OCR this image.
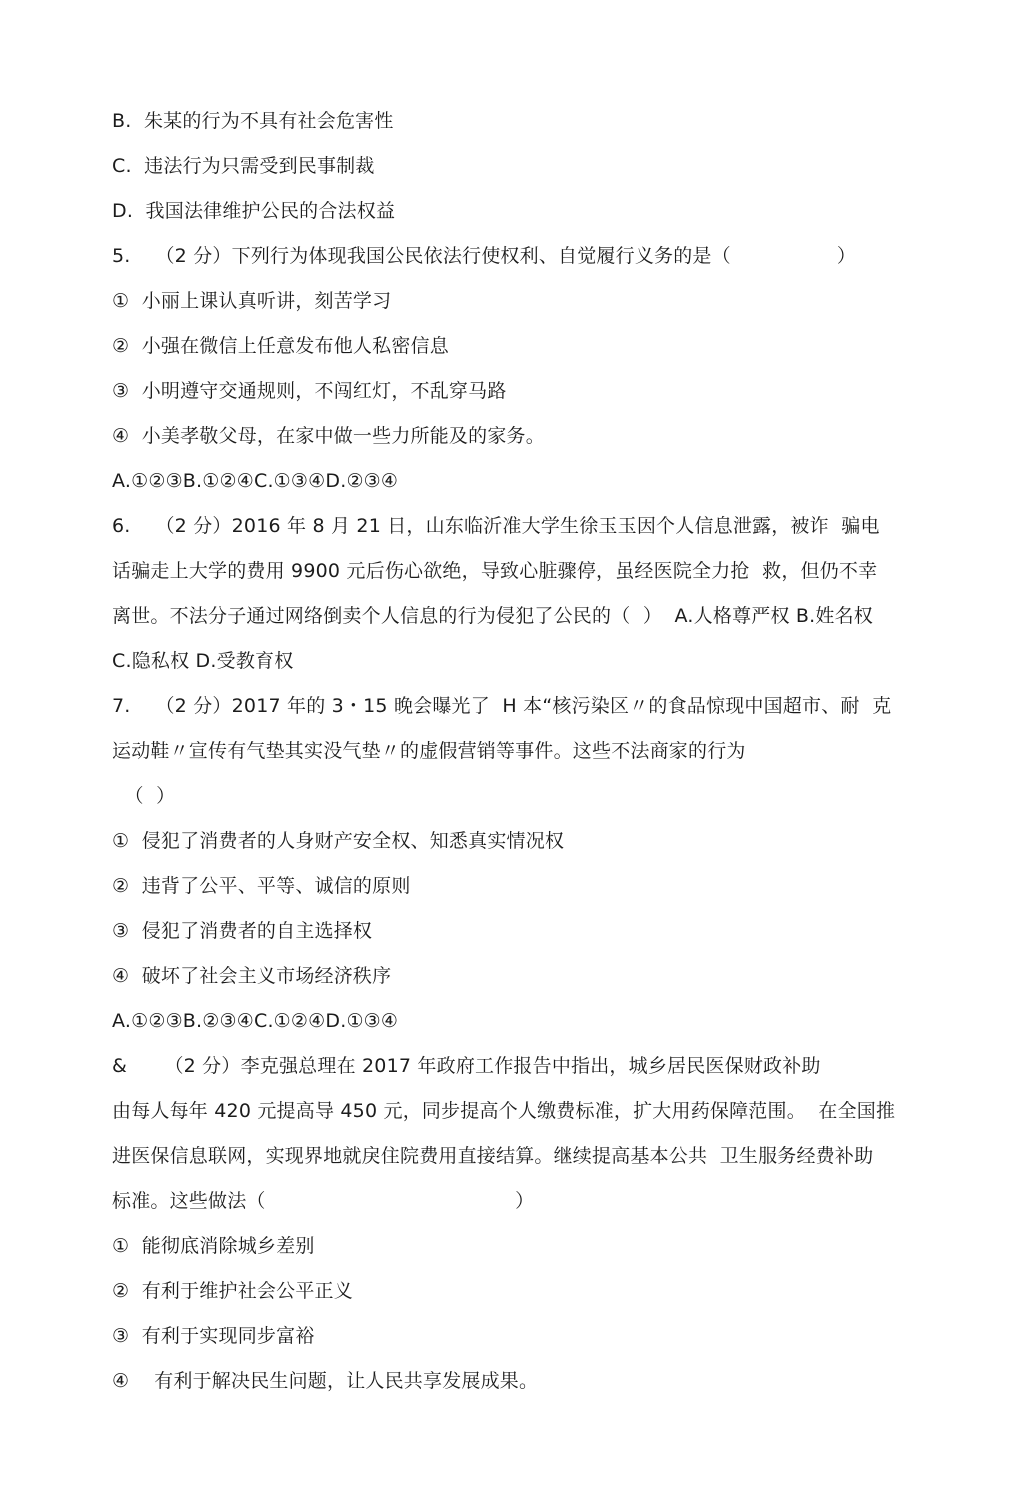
B.  朱某的行为不具有社会危害性
C.  违法行为只需受到民事制裁
D.  我国法律维护公民的合法权益
5.    （2 分）下列行为体现我国公民依法行使权利、自觉履行义务的是（                 ）
①  小丽上课认真听讲，刻苦学习
②  小强在微信上任意发布他人私密信息
③  小明遵守交通规则，不闯红灯，不乱穿马路
④  小美孝敬父母，在家中做一些力所能及的家务。
A.①②③B.①②④C.①③④D.②③④
6.    （2 分）2016 年 8 月 21 日，山东临沂准大学生徐玉玉因个人信息泄露，被诈  骗电
话骗走上大学的费用 9900 元后伤心欲绝，导致心脏骤停，虽经医院全力抢  救，但仍不幸
离世。不法分子通过网络倒卖个人信息的行为侵犯了公民的（  ）  A.人格尊严权 B.姓名权
C.隐私权 D.受教育权
7.    （2 分）2017 年的 3・15 晚会曝光了  H 本“核污染区〃的食品惊现中国超市、耐  克
运动鞋〃宣传有气垫其实没气垫〃的虚假营销等事件。这些不法商家的行为
（  ）
①  侵犯了消费者的人身财产安全权、知悉真实情况权
②  违背了公平、平等、诚信的原则
③  侵犯了消费者的自主选择权
④  破坏了社会主义市场经济秩序
A.①②③B.②③④C.①②④D.①③④
&      （2 分）李克强总理在 2017 年政府工作报告中指出，城乡居民医保财政补助
由每人每年 420 元提高导 450 元，同步提高个人缴费标准，扩大用药保障范围。  在全国推
进医保信息联网，实现界地就戾住院费用直接结算。继续提高基本公共  卫生服务经费补助
标准。这些做法（                                        ）
①  能彻底消除城乡差别
②  有利于维护社会公平正义
③  有利于实现同步富裕
④    有利于解决民生问题，让人民共享发展成果。
